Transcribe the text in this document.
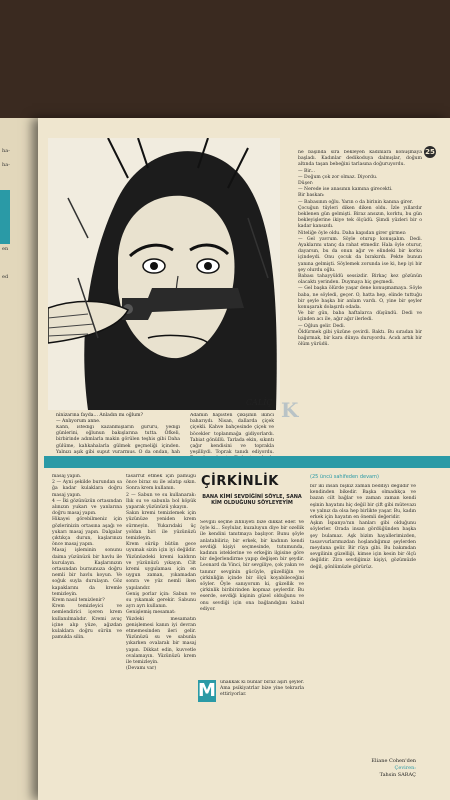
ha-
ha-
en
ed
25
CALİÇ
ninizarına fayda... Anladın mı oğlum?
— Anlıyorum anne.
Kahn, istediği kazanmışların gururu, yediği günlerini, oğlunun bakışlarına tutta. Öfkeli, birbirinde adımlarla makin görülen teşhis gibi Daha gülüme, kahkahalarla gülmek geçmeliği içinden. Yalnızı aşık gibi suput vurarmus. O da ondan, hah
Adamın hapisten çıkışının ikinci baharıydı. Nisan, dallarda çiçek çiçekli. Kahve bahçesinde çiçek ve böcekler toplanmağa gidiyorlardı. Tabiat gönüllü. Tarlada ekin, sıkıntı çağır kendisini ve toprakla yeşilliydi. Toprak tanıdı ediyordu.

K
ne başında sıra bekleyen kadınlara konuşmaya başladı. Kadınlar dedikoduya dalmışlar, doğum altında taşan bebeğini tarlasına doğuruyordu.
— Bir...
— Doğum çok zor olmaz. Diyordu.
Düşer:
— Nerede ise anasının kamına girecekti.
Bir baskan:
— Babasının oğlu. Yarın o da birinin kanına girer.
Çocuğun tüyleri diken diken oldu. İzle yıllardır beklenen gün gelmişti. Biraz ansızın, korktu, bu gün bekleyişlerine ikiye tek ölçüdü. Şimdi yüzleri bir o kadar kansızdı.
Niteliğe öyle oldu. Daha kapıdan girer girmez:
— Gel yavrum. Söyle oturup konuşalım. Dedi. Ayaklarını utanç da rahat etmedir. Hala öyle oturur, dayarsın, bu da onun ağır ve elindeki bir korku içindeydi. Onu çocuk da bırakırdı. Pekte bunun yanına gelmişti. Söylemek zorunda ise ki, hep iyi bir şey olurdu oğlu.
Babası tahayyüldü sessizdir. Birkaç kez gözünün olacaktı yerinden. Duymaya hiç geçmedi.
— Gel başka ölürde yaşar dene konuşmamaya. Söyle baba, ne söyledi, geçer. O, hatta hep, elinde tuttuğu bir şeyle başka bir anlam vardı. O, yine bir şeyler konuşarak dolaşırdı odada.
Ve bir gün, baba haftalarca düşündü. Dedi ve içinden acı ile, ağır ağır ilerledi.
— Oğlun gelir. Dedi.
Öldürmek gibi yüzüne çevirdi. Baktı. Bu sıradan bir bağırmak, bir kara dünya duruyordu. Acıdı artık bir ölüm yürüdü.
ÇİRKİNLİK
BANA KİMİ SEVDİĞİNİ SÖYLE, SANA KİM OLDUĞUNU SÖYLEYEYİM
(25 üncü sahifeden devam)
masaj yapın.
2 — Ayni şekilde burundan sa ğa kadar kulaklara doğru masaj yapın.
4 — İki gözünüzün ortasından alınızın yukarı ve yanlarına doğru masaj yapın.
Hikayei görebilmeniz için gözlerinizin ortasına aşağı ve yukarı masaj yapın. Dalgalar çıktıkça durun, kaşlarınızı önce masaj yapın.
Masaj işleminin sonunu daima yüzünüzü bir havlu ile kurulayın. Kaşlarınızın ortasından burnunuza doğru nemli bir havlu koyun. Ve soğuk suyla durulayın. Göz kapaklarını da kremle temizleyin.
Krem nasıl temizlenir?
Krem temizleyici ve nemlendirici içeren krem kullanılmalıdır. Kremi avuç içine alıp yüze, ağızdan kulaklara doğru sürün ve pamukla silin.
tasarruf etmek için pamuğu önce biraz su ile ıslatıp sıkın. Sonra krem kullanın.
2 — Sabun ve su kullanarak: Ilık su ve sabunla bol köpük yaparak yüzünüzü yıkayın.
Sakın kremi temizlemek için yüzünüze yeniden krem sürmeyin. Yukarıdaki üç yoldan biri ile yüzünüzü temizleyin.
Krem sürüp bütün gece uyumak sizin için iyi değildir. Yüzünüzdeki kremi kaldırın ve yüzünüzü yıkayın. Cilt kremi uygulaması için en uygun zaman, yıkamadan sonra ve yüz nemli iken yapılandır.
Geniş porlar için: Sabun ve su yıkamak gerekir. Sabunu ayrı ayrı kullanın.
Genişlemiş mesamat:
Yüzdeki mesamatın genişlemesi kanın iyi devran etmemesinden ileri gelir. Yüzünüzü su ve sabunla yıkarken ovalarak bir masaj yapın. Dikkat edin, kuvvetle ovalamayın. Yüzünüzü krem ile temizleyin.
(Devamı var)
Sevgili seçme zihniyeti bize dikkat eder. Ve öyle ki... Soylular, kuzaluyun diye bir ozellik ile kendini tanıtmaya başlıyor. Bunu şöyle anlatabiliriz; bir erkek, bir kadının kendi sevdiği kişiyi seçmesinde, tutumunda, kadının isteklerine ve erkeğin ilgisine göre bir değerlendirme yapıp değişen bir şeydir. Leonard da Vinci, bir sevgiliye, çok yakın ve tanınır sevginin gücüyle, güzelliğin ve çirkinliğin içinde bir ölçü koyabileceğini söyler. Öyle sanıyorum ki, güzellik ve çirkinlik biribirinden kopmaz şeylerdir. Bu eserde, sevdiği kişinin güzel olduğunu ve onu sevdiği için ona bağlandığını kabul ediyor.
M uhakkak ki bunlar biraz aşırı şeyler. Ama psikiyatrlar bize yine tekrarla ettiriyorlar.
bir iki insan bişkiz zaman beddiyi değildir ve kendinden bikedir. Başka olmadıkça ve bazan cilt bağlar ve zaman zaman kendi eşinin hayatını hiç değil bir çift gibi mütevazı ve yalnız da olsa hep birlikte yaşar. Bu, kadın erkek için hayatın en önemli değeridir.
Aşkın İspanya'nın hanları gibi olduğunu söylerler. Orada insan gördüğünden başka şey bulamaz. Aşk bizim hayallerimizden, tasavvurlarımızdan hoşlandığımız şeylerden meydana gelir. Bir rüya gibi. Bu bakımdan sevgilinin güzelliği, kimse için kesin bir ölçü değildir. Zira sevdiğimiz kişiyi, gözümüzle değil, gönlümüzle görürüz.
Eliane Cohen'den
Çeviren:
Tahsin SARAÇ
